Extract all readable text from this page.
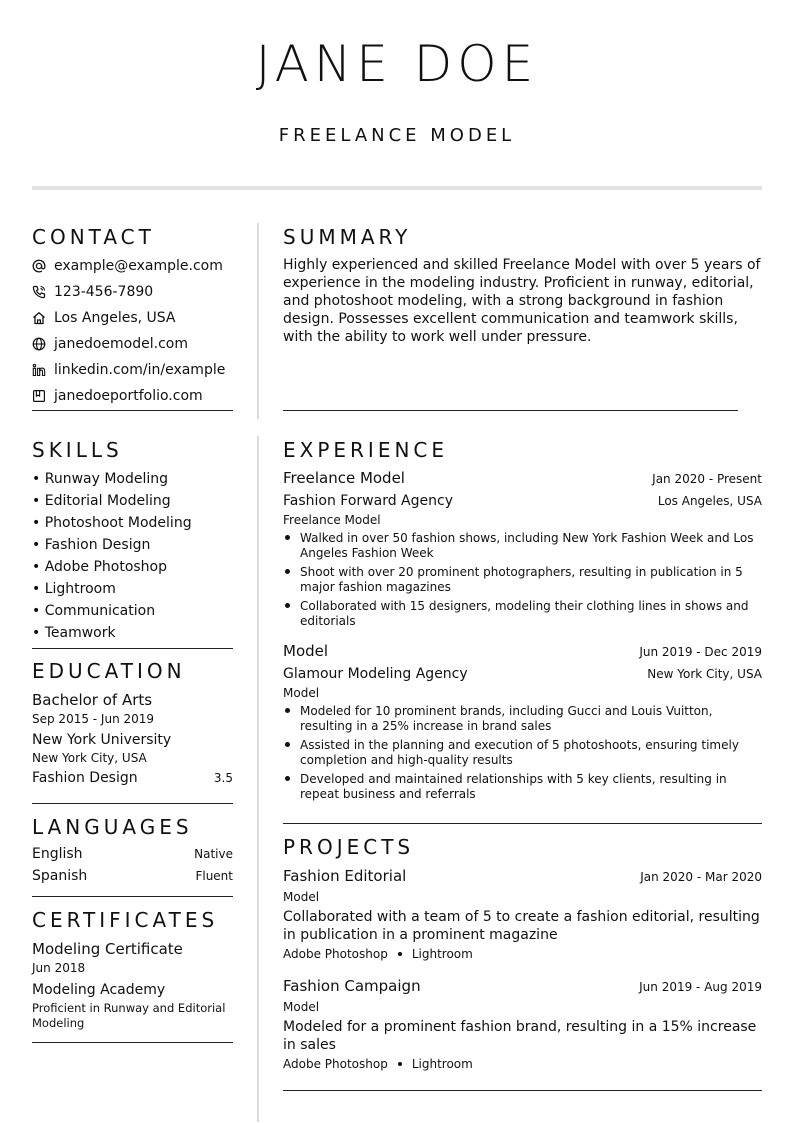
JANE DOE
FREELANCE MODEL
CONTACT
example@example.com
123-456-7890
Los Angeles, USA
janedoemodel.com
linkedin.com/in/example
janedoeportfolio.com
SKILLS
• Runway Modeling
• Editorial Modeling
• Photoshoot Modeling
• Fashion Design
• Adobe Photoshop
• Lightroom
• Communication
• Teamwork
EDUCATION
Bachelor of Arts
Sep 2015 - Jun 2019
New York University
New York City, USA
Fashion Design	3.5
LANGUAGES
English	Native
Spanish	Fluent
CERTIFICATES
Modeling Certificate
Jun 2018
Modeling Academy
Proficient in Runway and Editorial Modeling
SUMMARY
Highly experienced and skilled Freelance Model with over 5 years of experience in the modeling industry. Proficient in runway, editorial, and photoshoot modeling, with a strong background in fashion design. Possesses excellent communication and teamwork skills, with the ability to work well under pressure.
EXPERIENCE
Freelance Model	Jan 2020 - Present
Fashion Forward Agency	Los Angeles, USA
Freelance Model
Walked in over 50 fashion shows, including New York Fashion Week and Los Angeles Fashion Week
Shoot with over 20 prominent photographers, resulting in publication in 5 major fashion magazines
Collaborated with 15 designers, modeling their clothing lines in shows and editorials
Model	Jun 2019 - Dec 2019
Glamour Modeling Agency	New York City, USA
Model
Modeled for 10 prominent brands, including Gucci and Louis Vuitton, resulting in a 25% increase in brand sales
Assisted in the planning and execution of 5 photoshoots, ensuring timely completion and high-quality results
Developed and maintained relationships with 5 key clients, resulting in repeat business and referrals
PROJECTS
Fashion Editorial	Jan 2020 - Mar 2020
Model
Collaborated with a team of 5 to create a fashion editorial, resulting in publication in a prominent magazine
Adobe Photoshop Lightroom
Fashion Campaign	Jun 2019 - Aug 2019
Model
Modeled for a prominent fashion brand, resulting in a 15% increase in sales
Adobe Photoshop Lightroom
